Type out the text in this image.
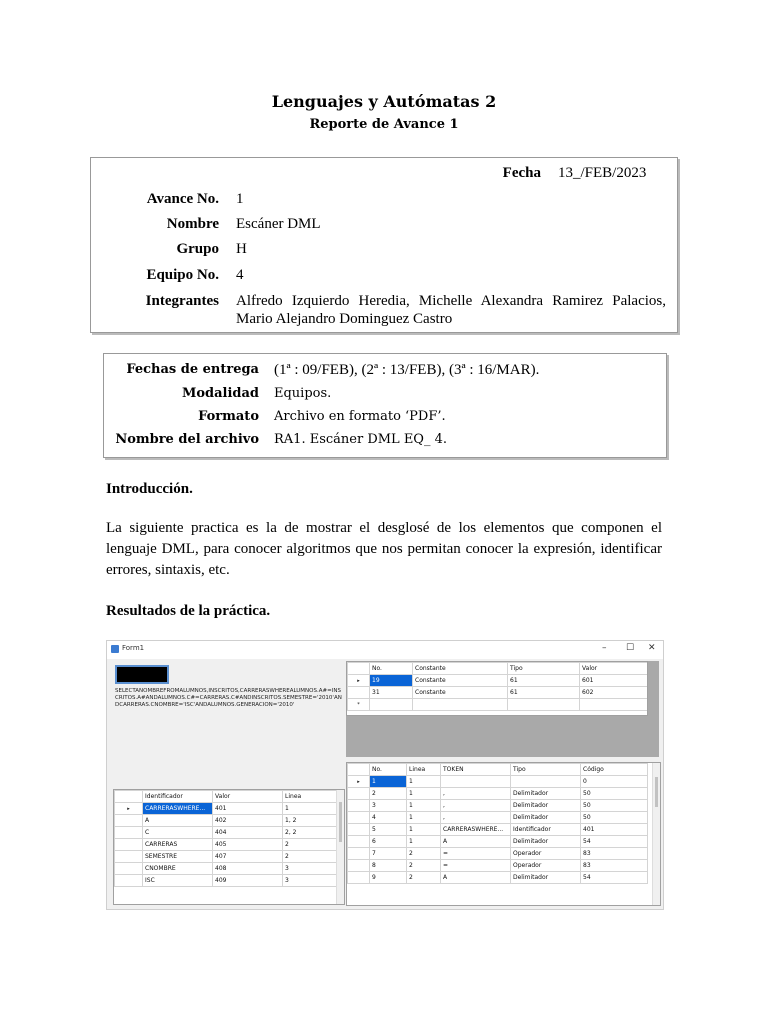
Lenguajes y Autómatas 2
Reporte de Avance 1
Fecha 13_/FEB/2023
Avance No. 1
Nombre Escáner DML
Grupo H
Equipo No. 4
Integrantes Alfredo Izquierdo Heredia, Michelle Alexandra Ramirez Palacios,
Mario Alejandro Dominguez Castro
Fechas de entrega (1ª : 09/FEB), (2ª : 13/FEB), (3ª : 16/MAR).
Modalidad Equipos.
Formato Archivo en formato ‘PDF’.
Nombre del archivo RA1. Escáner DML EQ_ 4.
Introducción.
La siguiente practica es la de mostrar el desglosé de los elementos que componen el lenguaje DML, para conocer algoritmos que nos permitan conocer la expresión, identificar errores, sintaxis, etc.
Resultados de la práctica.
Form1	– ☐ ✕
SELECTANOMBREFROMALUMNOS,INSCRITOS,CARRERASWHEREALUMNOS.A#=INSCRITOS.A#ANDALUMNOS.C#=CARRERAS.C#ANDINSCRITOS.SEMESTRE='2010'ANDCARRERAS.CNOMBRE='ISC'ANDALUMNOS.GENERACION='2010'
	No.	Constante	Tipo	Valor
▸	19	Constante	61	601
	31	Constante	61	602
*				
	No.	Linea	TOKEN	Tipo	Código
▸	1	1			0
	2	1	,	Delimitador	50
	3	1	,	Delimitador	50
	4	1	,	Delimitador	50
	5	1	CARRERASWHERE...	Identificador	401
	6	1	A	Delimitador	54
	7	2	=	Operador	83
	8	2	=	Operador	83
	9	2	A	Delimitador	54
	Identificador	Valor	Linea
▸	CARRERASWHERE...	401	1
	A	402	1, 2
	C	404	2, 2
	CARRERAS	405	2
	SEMESTRE	407	2
	CNOMBRE	408	3
	ISC	409	3
